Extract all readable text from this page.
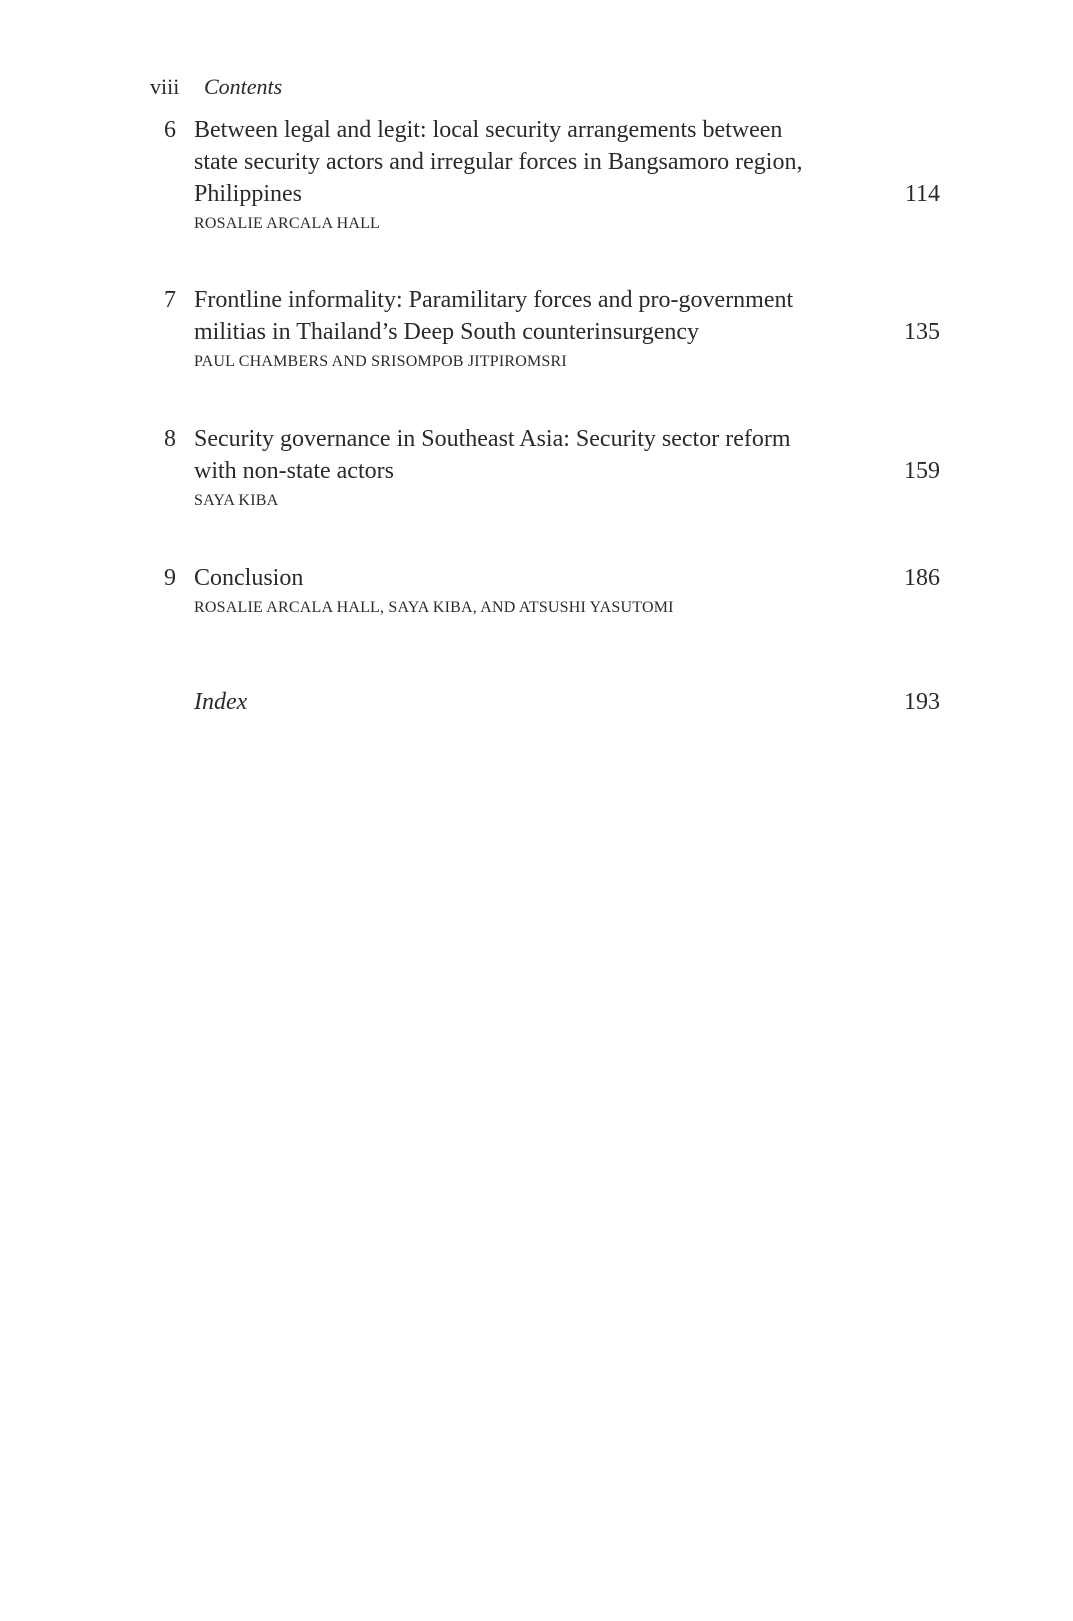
viii	Contents
6 Between legal and legit: local security arrangements between
state security actors and irregular forces in Bangsamoro region,
Philippines	114
ROSALIE ARCALA HALL
7 Frontline informality: Paramilitary forces and pro-government
militias in Thailand’s Deep South counterinsurgency	135
PAUL CHAMBERS AND SRISOMPOB JITPIROMSRI
8 Security governance in Southeast Asia: Security sector reform
with non-state actors	159
SAYA KIBA
9 Conclusion	186
ROSALIE ARCALA HALL, SAYA KIBA, AND ATSUSHI YASUTOMI
Index	193
